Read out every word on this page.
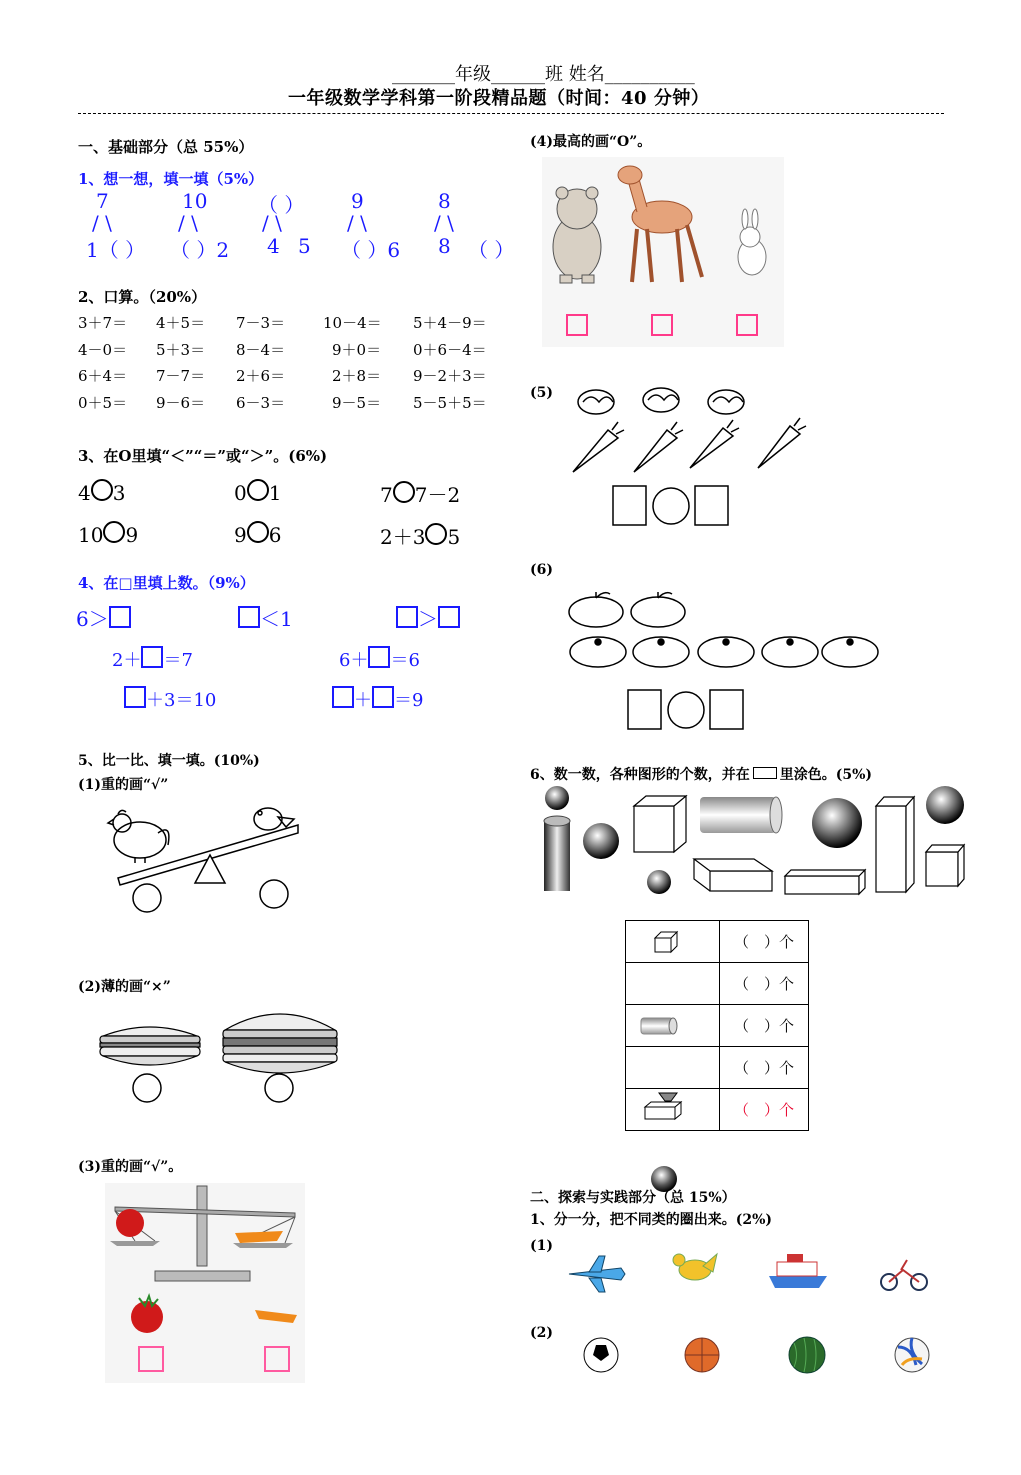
_______年级______班 姓名__________
一年级数学学科第一阶段精品题（时间：40 分钟）
一、基础部分（总 55%）
1、想一想，填一填（5%）
7
/ \
1（ ）
10
/ \
（ ）2
（ ）
/ \
4 5
9
/ \
（ ）6
8
/ \
8 （ ）
2、口算。（20%）
3＋7＝ 4＋5＝ 7－3＝	10－4＝ 5＋4－9＝
4－0＝ 5＋3＝ 8－4＝	9＋0＝ 0＋6－4＝
6＋4＝ 7－7＝ 2＋6＝	2＋8＝ 9－2＋3＝
0＋5＝ 9－6＝ 6－3＝	9－5＝ 5－5＋5＝
3、在O里填“＜”“＝”或“＞”。(6%)
4 3	0 1	7 7－2
10 9	9 6	2＋3 5
4、在□里填上数。（9%）
6＞	＜1	＞
2＋ ＝7	6＋ ＝6
＋3＝10	＋ ＝9
5、比一比、填一填。(10%)
(1)重的画“√”
(2)薄的画“×”
(3)重的画“√”。
(4)最高的画“O”。
(5)
(6)
6、数一数，各种图形的个数，并在 里涂色。(5%)
	（　）个
	（　）个
	（　）个
	（　）个
	（　）个
二、探索与实践部分（总 15%）
1、分一分，把不同类的圈出来。(2%)
(1)
(2)
